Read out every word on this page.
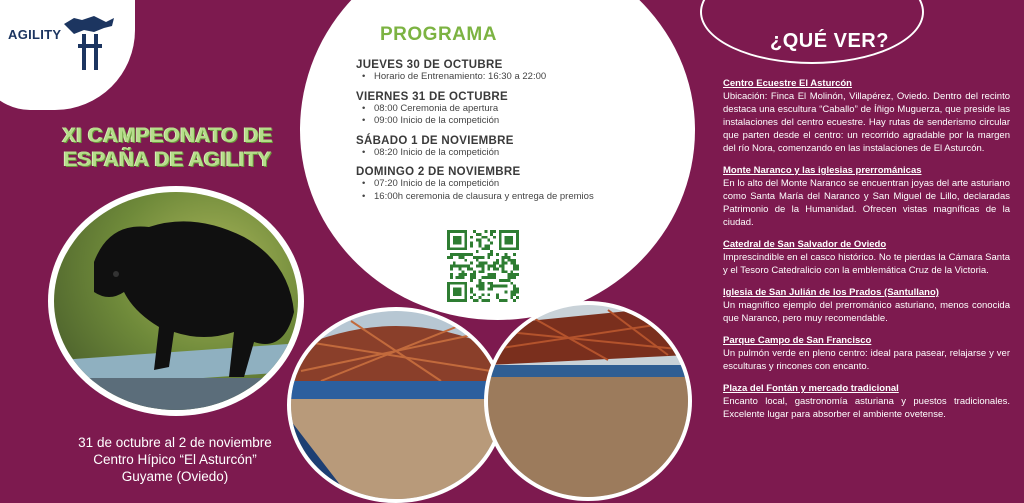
AGILITY
XI CAMPEONATO DE
ESPAÑA DE AGILITY
31 de octubre al 2 de noviembre
Centro Hípico “El Asturcón”
Guyame (Oviedo)
PROGRAMA
JUEVES 30 DE OCTUBRE
• Horario de Entrenamiento: 16:30 a 22:00
VIERNES 31 DE OCTUBRE
• 08:00 Ceremonia de apertura
• 09:00 Inicio de la competición
SÁBADO 1 DE NOVIEMBRE
• 08:20 Inicio de la competición
DOMINGO 2 DE NOVIEMBRE
• 07:20 Inicio de la competición
• 16:00h ceremonia de clausura y entrega de premios
¿QUÉ VER?
Centro Ecuestre El Asturcón
Ubicación: Finca El Molinón, Villapérez, Oviedo. Dentro del recinto destaca una escultura “Caballo” de Íñigo Muguerza, que preside las instalaciones del centro ecuestre. Hay rutas de senderismo circular que parten desde el centro: un recorrido agradable por la margen del río Nora, comenzando en las instalaciones de El Asturcón.
Monte Naranco y las iglesias prerrománicas
En lo alto del Monte Naranco se encuentran joyas del arte asturiano como Santa María del Naranco y San Miguel de Lillo, declaradas Patrimonio de la Humanidad. Ofrecen vistas magníficas de la ciudad.
Catedral de San Salvador de Oviedo
Imprescindible en el casco histórico. No te pierdas la Cámara Santa y el Tesoro Catedralicio con la emblemática Cruz de la Victoria.
Iglesia de San Julián de los Prados (Santullano)
Un magnífico ejemplo del prerrománico asturiano, menos conocida que Naranco, pero muy recomendable.
Parque Campo de San Francisco
Un pulmón verde en pleno centro: ideal para pasear, relajarse y ver esculturas y rincones con encanto.
Plaza del Fontán y mercado tradicional
Encanto local, gastronomía asturiana y puestos tradicionales. Excelente lugar para absorber el ambiente ovetense.
